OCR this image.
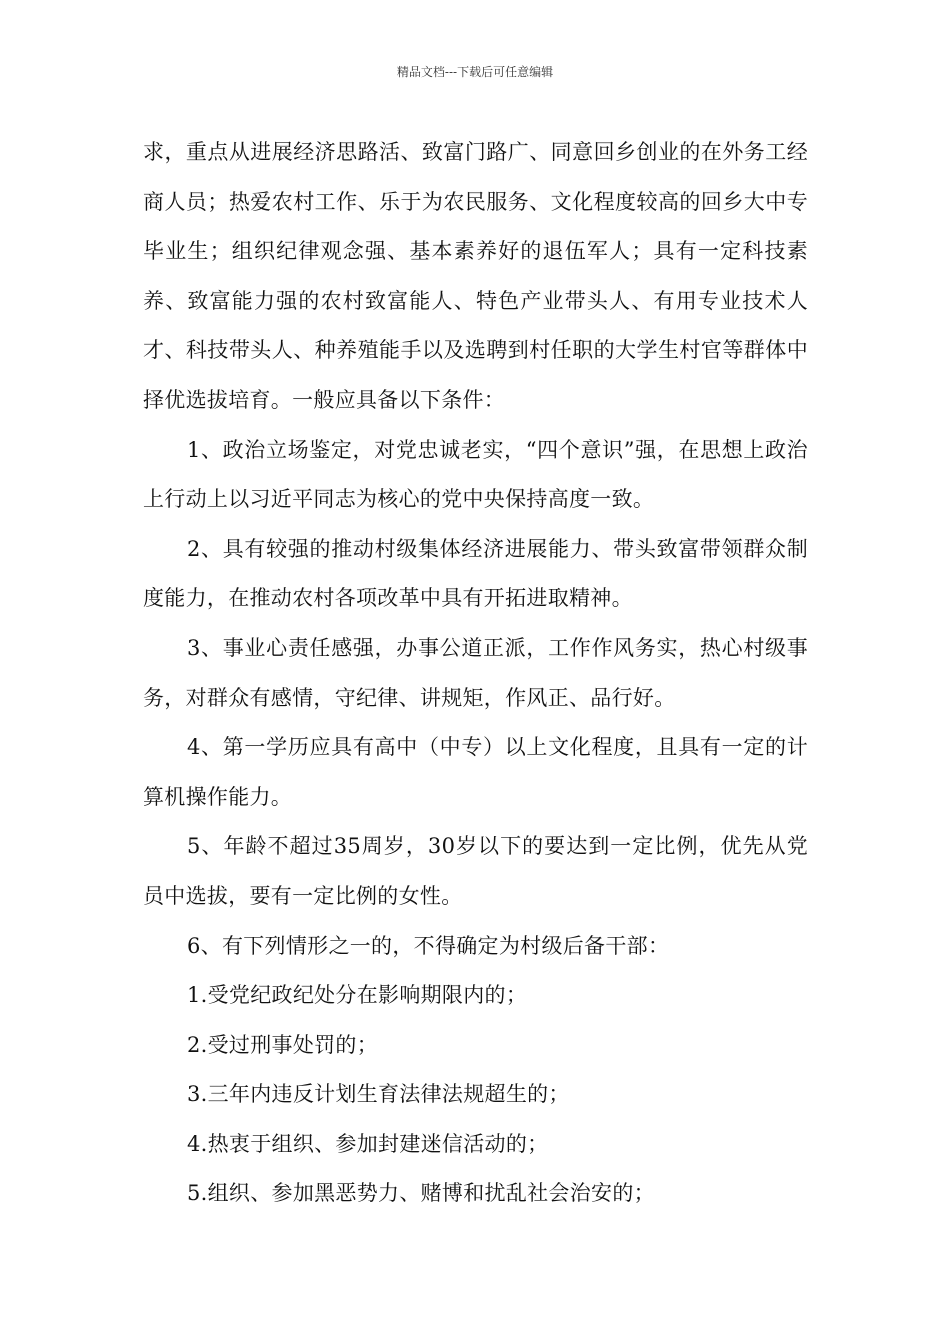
精品文档---下载后可任意编辑

求，重点从进展经济思路活、致富门路广、同意回乡创业的在外务工经商人员；热爱农村工作、乐于为农民服务、文化程度较高的回乡大中专毕业生；组织纪律观念强、基本素养好的退伍军人；具有一定科技素养、致富能力强的农村致富能人、特色产业带头人、有用专业技术人才、科技带头人、种养殖能手以及选聘到村任职的大学生村官等群体中择优选拔培育。一般应具备以下条件：

1、政治立场鉴定，对党忠诚老实，“四个意识”强，在思想上政治上行动上以习近平同志为核心的党中央保持高度一致。

2、具有较强的推动村级集体经济进展能力、带头致富带领群众制度能力，在推动农村各项改革中具有开拓进取精神。

3、事业心责任感强，办事公道正派，工作作风务实，热心村级事务，对群众有感情，守纪律、讲规矩，作风正、品行好。

4、第一学历应具有高中（中专）以上文化程度，且具有一定的计算机操作能力。

5、年龄不超过35周岁，30岁以下的要达到一定比例，优先从党员中选拔，要有一定比例的女性。

6、有下列情形之一的，不得确定为村级后备干部：

1.受党纪政纪处分在影响期限内的；

2.受过刑事处罚的；

3.三年内违反计划生育法律法规超生的；

4.热衷于组织、参加封建迷信活动的；

5.组织、参加黑恶势力、赌博和扰乱社会治安的；
